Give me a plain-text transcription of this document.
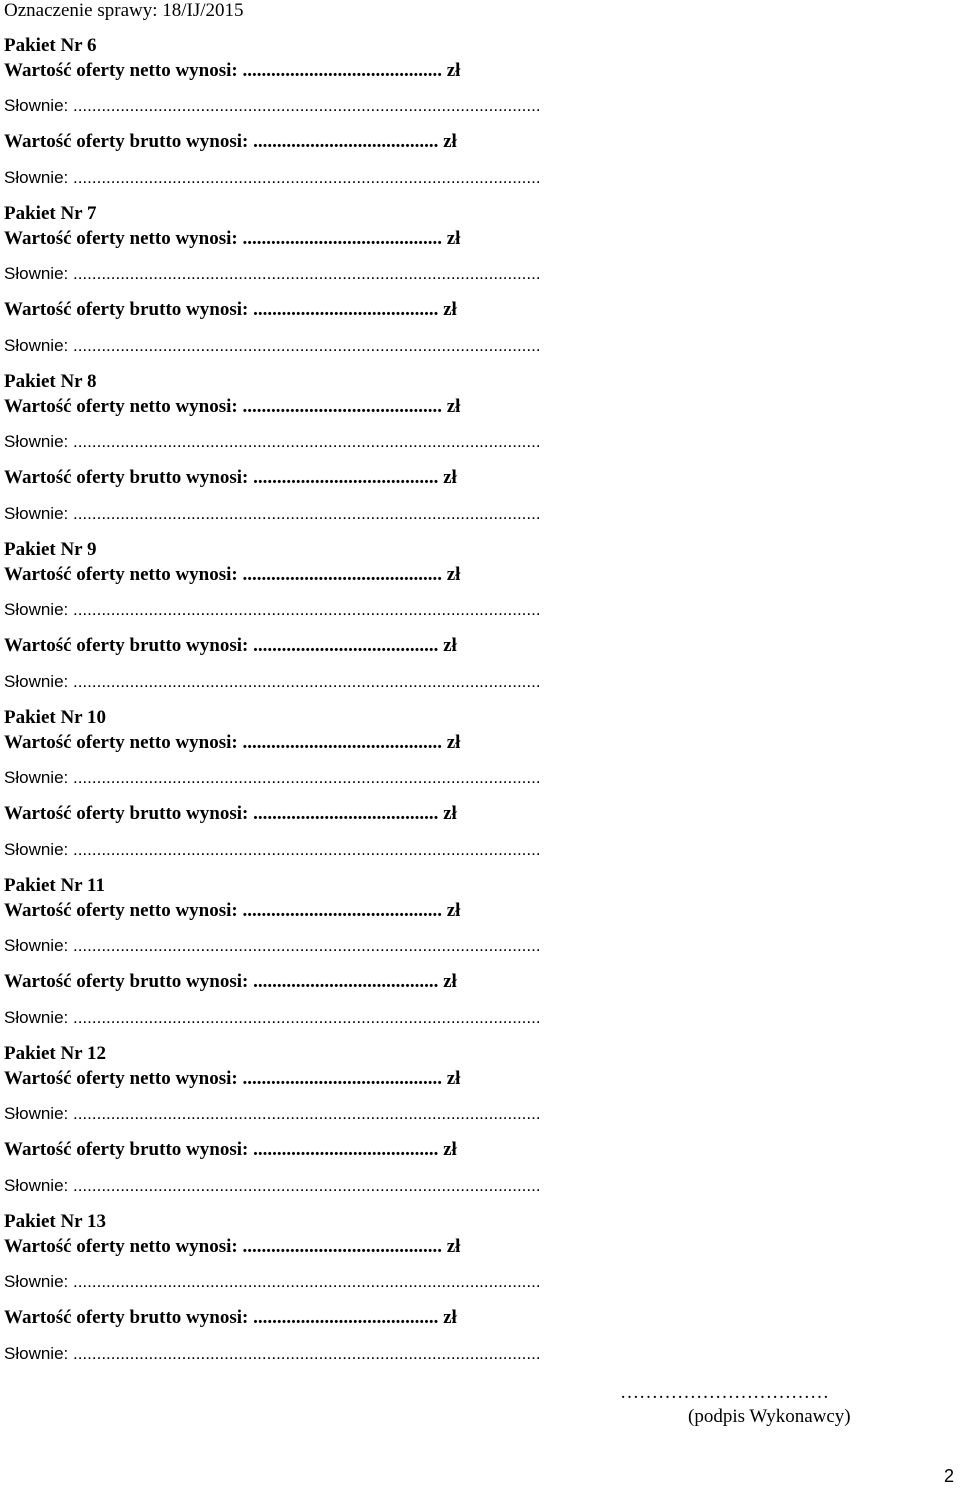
Oznaczenie sprawy: 18/IJ/2015
Pakiet Nr 6
Wartość oferty netto wynosi: .......................................... zł
Słownie: ...................................................................................................
Wartość oferty brutto wynosi: ....................................... zł
Słownie: ...................................................................................................
Pakiet Nr 7
Wartość oferty netto wynosi: .......................................... zł
Słownie: ...................................................................................................
Wartość oferty brutto wynosi: ....................................... zł
Słownie: ...................................................................................................
Pakiet Nr 8
Wartość oferty netto wynosi: .......................................... zł
Słownie: ...................................................................................................
Wartość oferty brutto wynosi: ....................................... zł
Słownie: ...................................................................................................
Pakiet Nr 9
Wartość oferty netto wynosi: .......................................... zł
Słownie: ...................................................................................................
Wartość oferty brutto wynosi: ....................................... zł
Słownie: ...................................................................................................
Pakiet Nr 10
Wartość oferty netto wynosi: .......................................... zł
Słownie: ...................................................................................................
Wartość oferty brutto wynosi: ....................................... zł
Słownie: ...................................................................................................
Pakiet Nr 11
Wartość oferty netto wynosi: .......................................... zł
Słownie: ...................................................................................................
Wartość oferty brutto wynosi: ....................................... zł
Słownie: ...................................................................................................
Pakiet Nr 12
Wartość oferty netto wynosi: .......................................... zł
Słownie: ...................................................................................................
Wartość oferty brutto wynosi: ....................................... zł
Słownie: ...................................................................................................
Pakiet Nr 13
Wartość oferty netto wynosi: .......................................... zł
Słownie: ...................................................................................................
Wartość oferty brutto wynosi: ....................................... zł
Słownie: ...................................................................................................
……………………………
(podpis Wykonawcy)
2
